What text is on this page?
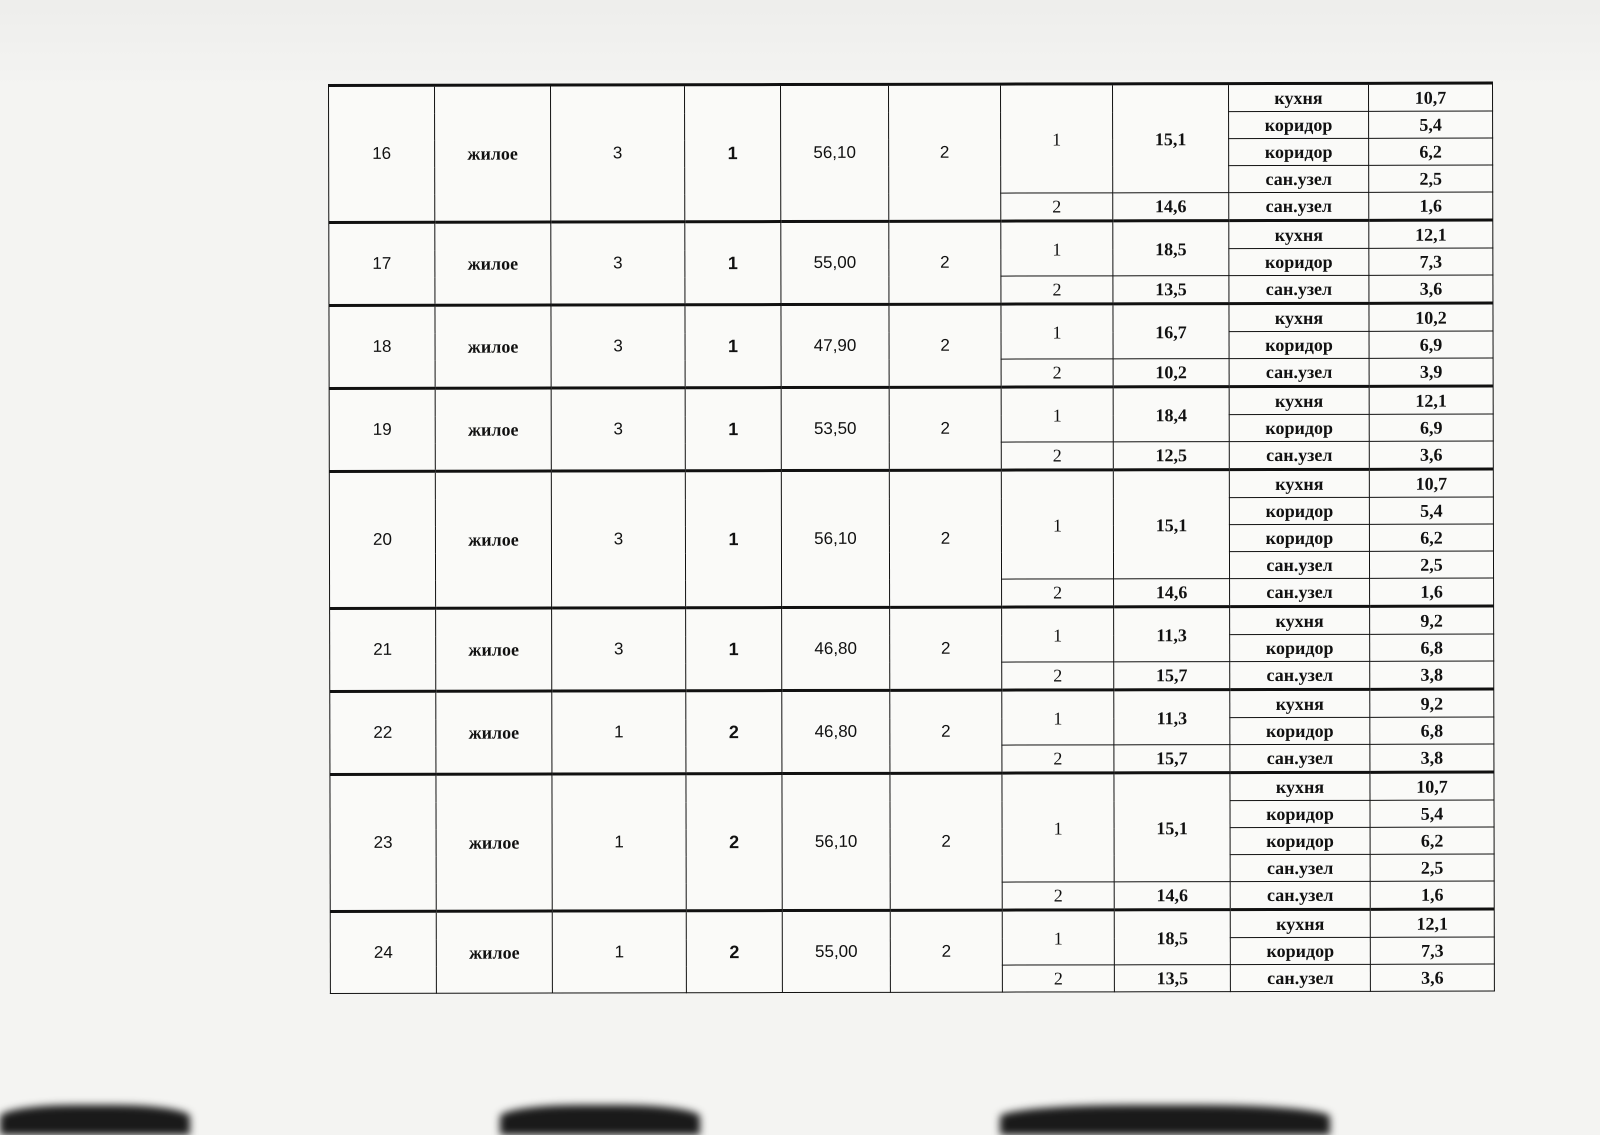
16	жилое	3	1	56,10	2	1	15,1	кухня	10,7
								коридор	5,4
								коридор	6,2
								сан.узел	2,5
						2	14,6	сан.узел	1,6
17	жилое	3	1	55,00	2	1	18,5	кухня	12,1
								коридор	7,3
						2	13,5	сан.узел	3,6
18	жилое	3	1	47,90	2	1	16,7	кухня	10,2
								коридор	6,9
						2	10,2	сан.узел	3,9
19	жилое	3	1	53,50	2	1	18,4	кухня	12,1
								коридор	6,9
						2	12,5	сан.узел	3,6
20	жилое	3	1	56,10	2	1	15,1	кухня	10,7
								коридор	5,4
								коридор	6,2
								сан.узел	2,5
						2	14,6	сан.узел	1,6
21	жилое	3	1	46,80	2	1	11,3	кухня	9,2
								коридор	6,8
						2	15,7	сан.узел	3,8
22	жилое	1	2	46,80	2	1	11,3	кухня	9,2
								коридор	6,8
						2	15,7	сан.узел	3,8
23	жилое	1	2	56,10	2	1	15,1	кухня	10,7
								коридор	5,4
								коридор	6,2
								сан.узел	2,5
						2	14,6	сан.узел	1,6
24	жилое	1	2	55,00	2	1	18,5	кухня	12,1
								коридор	7,3
						2	13,5	сан.узел	3,6
